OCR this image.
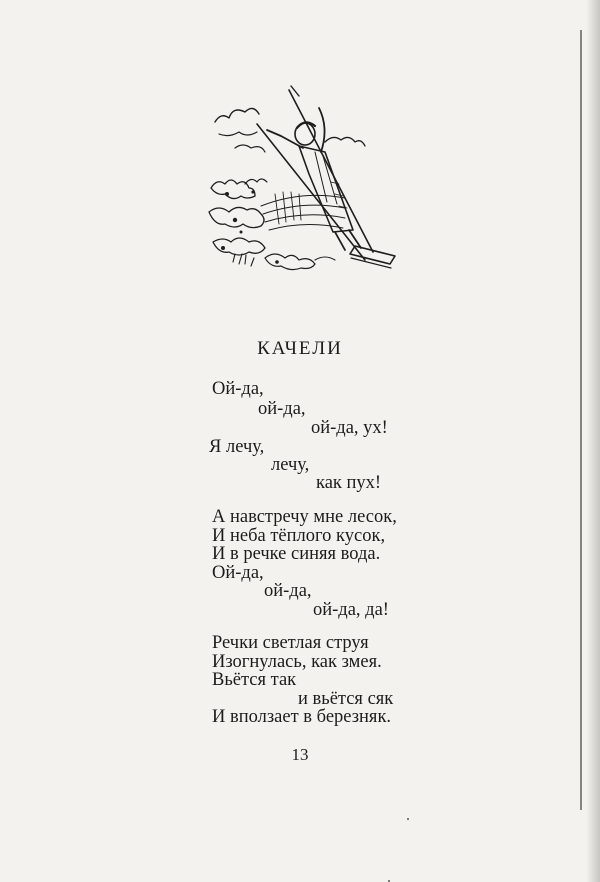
КАЧЕЛИ
Ой-да,
ой-да,
ой-да, ух!
Я лечу,
лечу,
как пух!
А навстречу мне лесок,
И неба тёплого кусок,
И в речке синяя вода.
Ой-да,
ой-да,
ой-да, да!
Речки светлая струя
Изогнулась, как змея.
Вьётся так
и вьётся сяк
И вползает в березняк.
13
